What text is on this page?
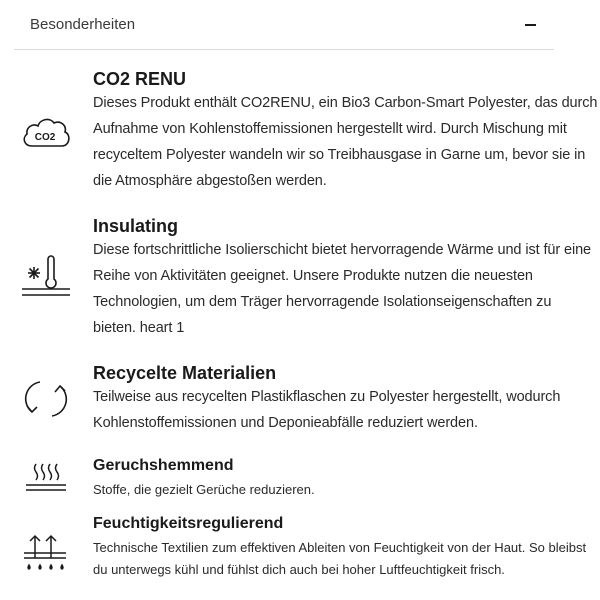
Besonderheiten
CO2
CO2 RENU
Dieses Produkt enthält CO2RENU, ein Bio3 Carbon-Smart Polyester, das durch Aufnahme von Kohlenstoffemissionen hergestellt wird. Durch Mischung mit recyceltem Polyester wandeln wir so Treibhausgase in Garne um, bevor sie in die Atmosphäre abgestoßen werden.
Insulating
Diese fortschrittliche Isolierschicht bietet hervorragende Wärme und ist für eine Reihe von Aktivitäten geeignet. Unsere Produkte nutzen die neuesten Technologien, um dem Träger hervorragende Isolationseigenschaften zu bieten. heart 1
Recycelte Materialien
Teilweise aus recycelten Plastikflaschen zu Polyester hergestellt, wodurch Kohlenstoffemissionen und Deponieabfälle reduziert werden.
Geruchshemmend
Stoffe, die gezielt Gerüche reduzieren.
Feuchtigkeitsregulierend
Technische Textilien zum effektiven Ableiten von Feuchtigkeit von der Haut. So bleibst du unterwegs kühl und fühlst dich auch bei hoher Luftfeuchtigkeit frisch.
